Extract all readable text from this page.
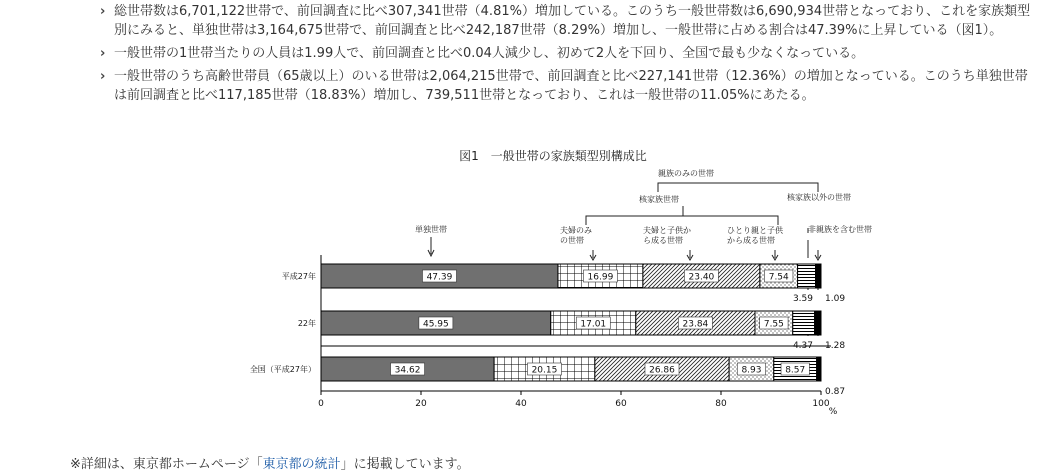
› 総世帯数は6,701,122世帯で、前回調査に比べ307,341世帯（4.81%）増加している。このうち一般世帯数は6,690,934世帯となっており、これを家族類型別にみると、単独世帯は3,164,675世帯で、前回調査と比べ242,187世帯（8.29%）増加し、一般世帯に占める割合は47.39%に上昇している（図1）。
› 一般世帯の1世帯当たりの人員は1.99人で、前回調査と比べ0.04人減少し、初めて2人を下回り、全国で最も少なくなっている。
› 一般世帯のうち高齢世帯員（65歳以上）のいる世帯は2,064,215世帯で、前回調査と比べ227,141世帯（12.36%）の増加となっている。このうち単独世帯は前回調査と比べ117,185世帯（18.83%）増加し、739,511世帯となっており、これは一般世帯の11.05%にあたる。
図1　一般世帯の家族類型別構成比
親族のみの世帯
核家族世帯	核家族以外の世帯
非親族を含む世帯
単独世帯	夫婦のみ
の世帯
夫婦と子供か
ら成る世帯
ひとり親と子供
から成る世帯
47.39	16.99	23.40	7.54
3.59 1.09
45.95	17.01	23.84	7.55
4.37 1.28
34.62	20.15	26.86	8.93	8.57
0.87
0	20	40	60	80	100
%
平成27年
22年
全国（平成27年）
※詳細は、東京都ホームページ「東京都の統計」に掲載しています。
